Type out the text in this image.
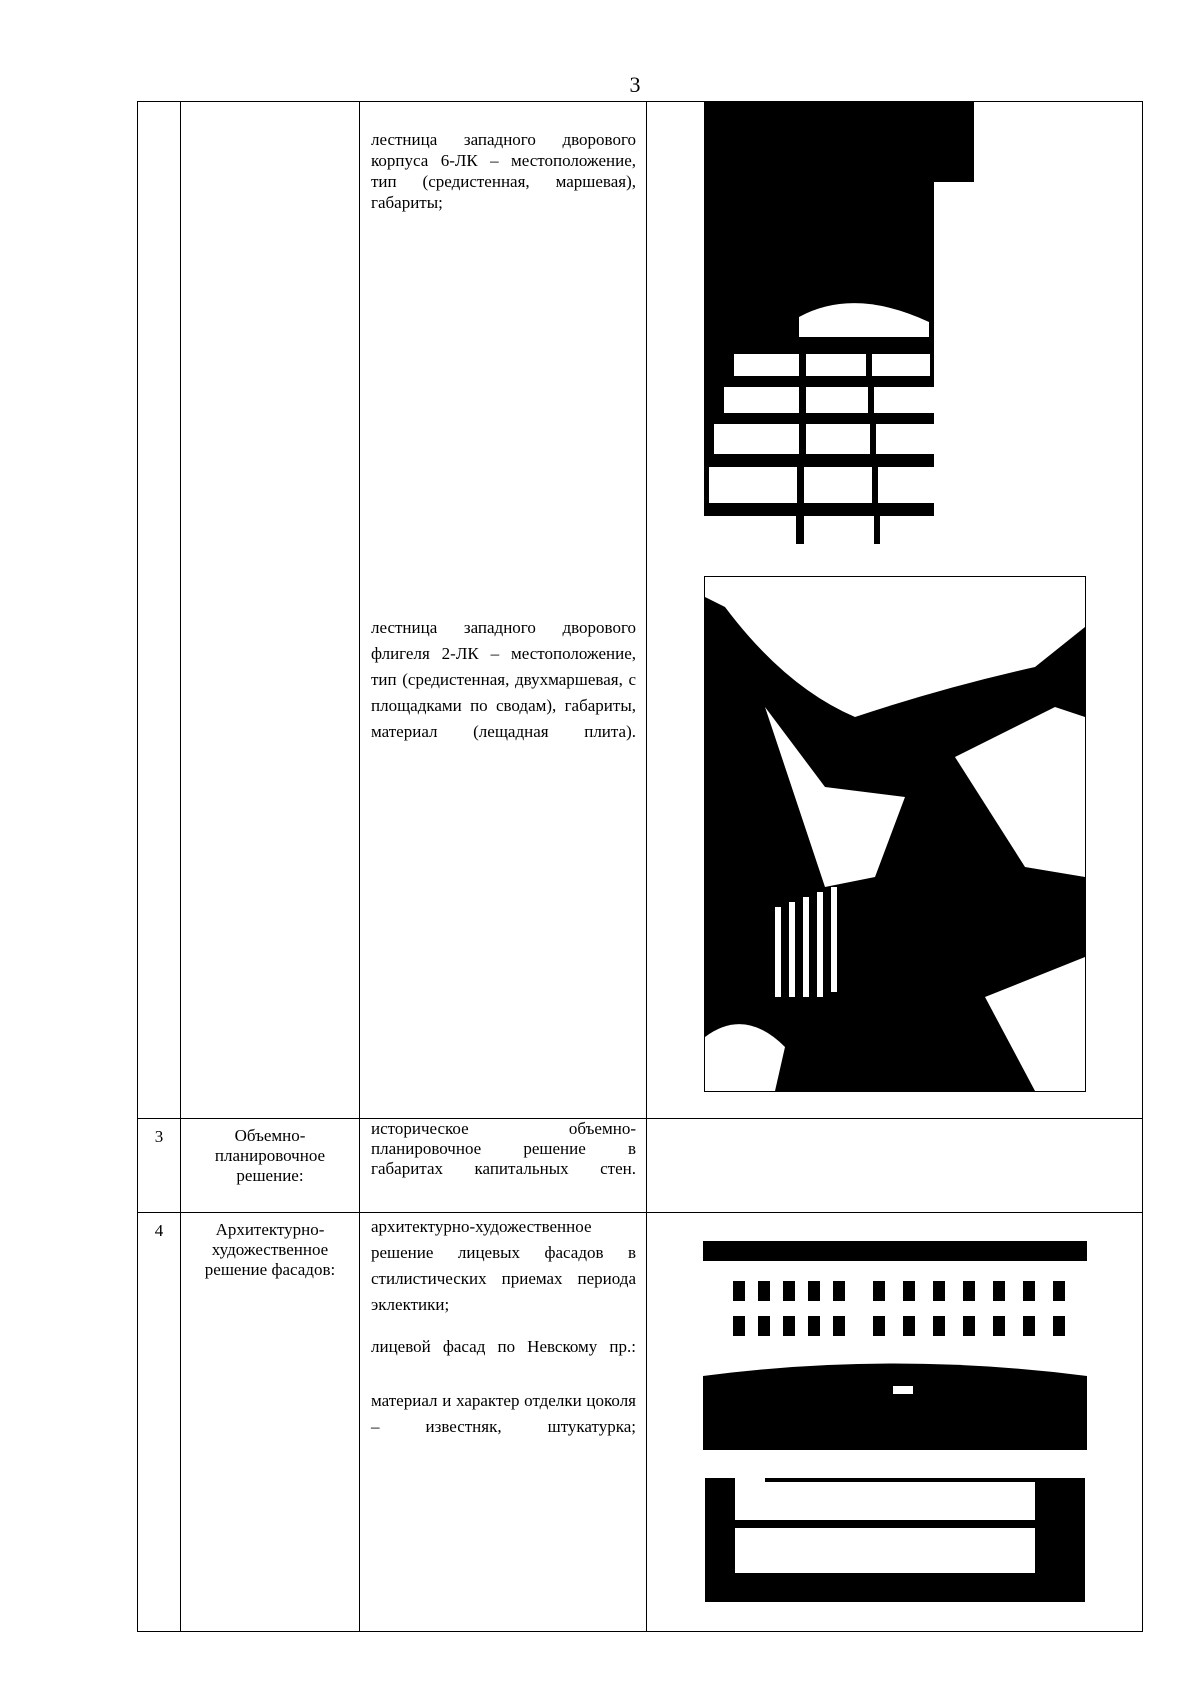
3

		лестница западного дворового корпуса 6-ЛК – местоположение, тип (средистенная, маршевая), габариты;

лестница западного дворового флигеля 2-ЛК – местоположение, тип (средистенная, двухмаршевая, с площадками по сводам), габариты, материал (лещадная плита).

3	Объемно-планировочное решение:	историческое объемно-планировочное решение в габаритах капитальных стен.	

4	Архитектурно-художественное решение фасадов:	архитектурно-художественное решение лицевых фасадов в стилистических приемах периода эклектики;

лицевой фасад по Невскому пр.:

материал и характер отделки цоколя – известняк, штукатурка;
